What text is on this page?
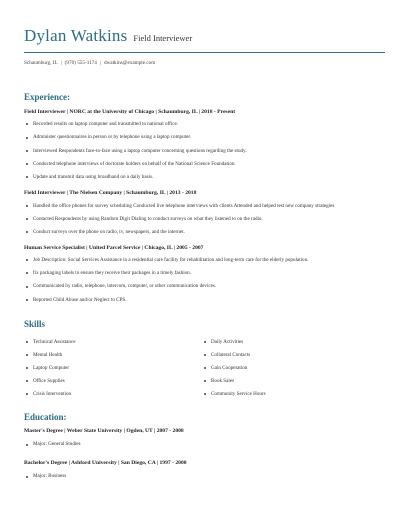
Dylan Watkins Field Interviewer
Schaumburg, IL | (970) 555-1174 | dwatkins@example.com
Experience:
Field Interviewer | NORC at the University of Chicago | Schaumburg, IL | 2018 - Present
Recorded results on laptop computer and transmitted to national office.
Administer questionnaires in person or by telephone using a laptop computer.
Interviewed Respondents face-to-face using a laptop computer concerning questions regarding the study.
Conducted telephone interviews of doctorate holders on behalf of the National Science Foundation.
Update and transmit data using broadband on a daily basis.
Field Interviewer | The Nielsen Company | Schaumburg, IL | 2013 - 2018
Handled the office phones for survey scheduling Conducted live telephone interviews with clients Attended and helped test new company strategies
Contacted Respondents by using Random Digit Dialing to conduct surveys on what they listened to on the radio.
Conduct surveys over the phone on radio, tv, newspapers, and the internet.
Human Service Specialist | United Parcel Service | Chicago, IL | 2005 - 2007
Job Description: Social Services Assistance in a residential care facility for rehabilitation and long-term care for the elderly population.
fix packaging labels to ensure they receive their packages in a timely fashion.
Communicated by radio, telephone, intercom, computer, or other communication devices.
Reported Child Abuse and/or Neglect to CPS.
Skills
Technical Assistance
Mental Health
Laptop Computer
Office Supplies
Crisis Intervention
Daily Activities
Collateral Contacts
Gain Cooperation
Book Sales
Community Service Hours
Education:
Master's Degree | Weber State University | Ogden, UT | 2007 - 2008
Major: General Studies
Bachelor's Degree | Ashford University | San Diego, CA | 1997 - 2000
Major: Business
